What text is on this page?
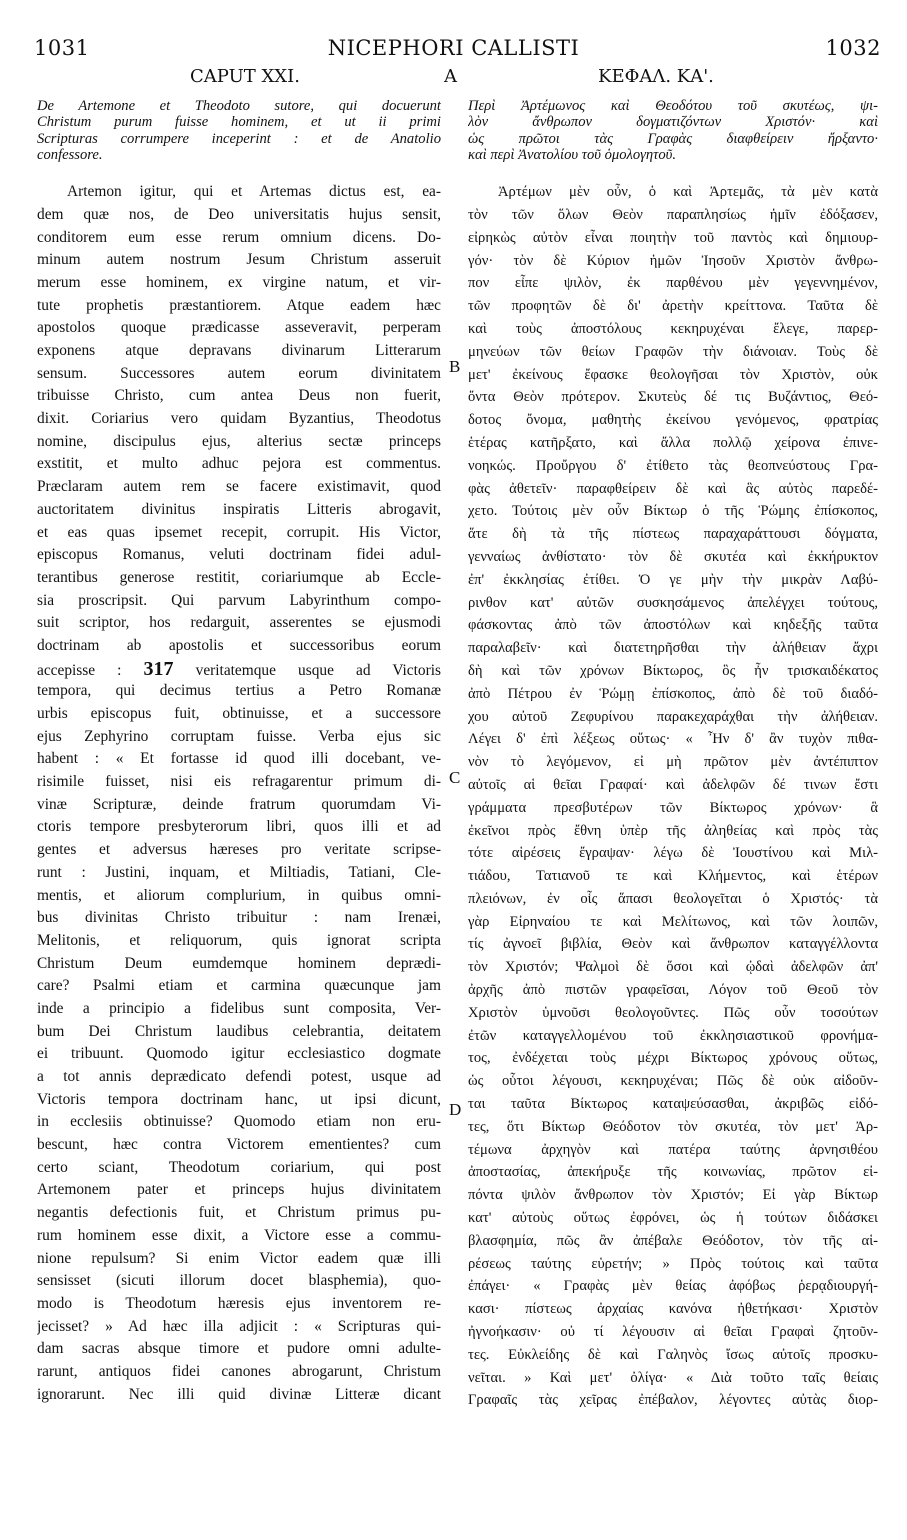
1031	NICEPHORI CALLISTI	1032
CAPUT XXI.	A	ΚΕΦΑΛ. ΚΑ'.
B
C
D
De Artemone et Theodoto sutore, qui docuerunt
Christum purum fuisse hominem, et ut ii primi
Scripturas corrumpere inceperint : et de Anatolio
confessore.
Artemon igitur, qui et Artemas dictus est, ea-
dem quæ nos, de Deo universitatis hujus sensit,
conditorem eum esse rerum omnium dicens. Do-
minum autem nostrum Jesum Christum asseruit
merum esse hominem, ex virgine natum, et vir-
tute prophetis præstantiorem. Atque eadem hæc
apostolos quoque prædicasse asseveravit, perperam
exponens atque depravans divinarum Litterarum
sensum. Successores autem eorum divinitatem
tribuisse Christo, cum antea Deus non fuerit,
dixit. Coriarius vero quidam Byzantius, Theodotus
nomine, discipulus ejus, alterius sectæ princeps
exstitit, et multo adhuc pejora est commentus.
Præclaram autem rem se facere existimavit, quod
auctoritatem divinitus inspiratis Litteris abrogavit,
et eas quas ipsemet recepit, corrupit. His Victor,
episcopus Romanus, veluti doctrinam fidei adul-
terantibus generose restitit, coriariumque ab Eccle-
sia proscripsit. Qui parvum Labyrinthum compo-
suit scriptor, hos redarguit, asserentes se ejusmodi
doctrinam ab apostolis et successoribus eorum
accepisse : 317 veritatemque usque ad Victoris
tempora, qui decimus tertius a Petro Romanæ
urbis episcopus fuit, obtinuisse, et a successore
ejus Zephyrino corruptam fuisse. Verba ejus sic
habent : « Et fortasse id quod illi docebant, ve-
risimile fuisset, nisi eis refragarentur primum di-
vinæ Scripturæ, deinde fratrum quorumdam Vi-
ctoris tempore presbyterorum libri, quos illi et ad
gentes et adversus hæreses pro veritate scripse-
runt : Justini, inquam, et Miltiadis, Tatiani, Cle-
mentis, et aliorum complurium, in quibus omni-
bus divinitas Christo tribuitur : nam Irenæi,
Melitonis, et reliquorum, quis ignorat scripta
Christum Deum eumdemque hominem deprædi-
care? Psalmi etiam et carmina quæcunque jam
inde a principio a fidelibus sunt composita, Ver-
bum Dei Christum laudibus celebrantia, deitatem
ei tribuunt. Quomodo igitur ecclesiastico dogmate
a tot annis deprædicato defendi potest, usque ad
Victoris tempora doctrinam hanc, ut ipsi dicunt,
in ecclesiis obtinuisse? Quomodo etiam non eru-
bescunt, hæc contra Victorem ementientes? cum
certo sciant, Theodotum coriarium, qui post
Artemonem pater et princeps hujus divinitatem
negantis defectionis fuit, et Christum primus pu-
rum hominem esse dixit, a Victore esse a commu-
nione repulsum? Si enim Victor eadem quæ illi
sensisset (sicuti illorum docet blasphemia), quo-
modo is Theodotum hæresis ejus inventorem re-
jecisset? » Ad hæc illa adjicit : « Scripturas qui-
dam sacras absque timore et pudore omni adulte-
rarunt, antiquos fidei canones abrogarunt, Christum
ignorarunt. Nec illi quid divinæ Litteræ dicant
Περὶ Ἀρτέμωνος καὶ Θεοδότου τοῦ σκυτέως, ψι-
λὸν ἄνθρωπον δογματιζόντων Χριστόν· καὶ
ὡς πρῶτοι τὰς Γραφὰς διαφθείρειν ἤρξαντο·
καὶ περὶ Ἀνατολίου τοῦ ὁμολογητοῦ.
Ἀρτέμων μὲν οὖν, ὁ καὶ Ἀρτεμᾶς, τὰ μὲν κατὰ
τὸν τῶν ὅλων Θεὸν παραπλησίως ἡμῖν ἐδόξασεν,
εἰρηκὼς αὐτὸν εἶναι ποιητὴν τοῦ παντὸς καὶ δημιουρ-
γόν· τὸν δὲ Κύριον ἡμῶν Ἰησοῦν Χριστὸν ἄνθρω-
πον εἶπε ψιλὸν, ἐκ παρθένου μὲν γεγεννημένον,
τῶν προφητῶν δὲ δι' ἀρετὴν κρείττονα. Ταῦτα δὲ
καὶ τοὺς ἀποστόλους κεκηρυχέναι ἔλεγε, παρερ-
μηνεύων τῶν θείων Γραφῶν τὴν διάνοιαν. Τοὺς δὲ
μετ' ἐκείνους ἔφασκε θεολογῆσαι τὸν Χριστὸν, οὐκ
ὄντα Θεὸν πρότερον. Σκυτεὺς δέ τις Βυζάντιος, Θεό-
δοτος ὄνομα, μαθητὴς ἐκείνου γενόμενος, φρατρίας
ἑτέρας κατῆρξατο, καὶ ἄλλα πολλῷ χείρονα ἐπινε-
νοηκώς. Προὔργου δ' ἐτίθετο τὰς θεοπνεύστους Γρα-
φὰς ἀθετεῖν· παραφθείρειν δὲ καὶ ἃς αὐτὸς παρεδέ-
χετο. Τούτοις μὲν οὖν Βίκτωρ ὁ τῆς Ῥώμης ἐπίσκοπος,
ἅτε δὴ τὰ τῆς πίστεως παραχαράττουσι δόγματα,
γενναίως ἀνθίστατο· τὸν δὲ σκυτέα καὶ ἐκκήρυκτον
ἐπ' ἐκκλησίας ἐτίθει. Ὁ γε μὴν τὴν μικρὰν Λαβύ-
ρινθον κατ' αὐτῶν συσκησάμενος ἀπελέγχει τούτους,
φάσκοντας ἀπὸ τῶν ἀποστόλων καὶ κηδεξῆς ταῦτα
παραλαβεῖν· καὶ διατετηρῆσθαι τὴν ἀλήθειαν ἄχρι
δὴ καὶ τῶν χρόνων Βίκτωρος, ὃς ἦν τρισκαιδέκατος
ἀπὸ Πέτρου ἐν Ῥώμῃ ἐπίσκοπος, ἀπὸ δὲ τοῦ διαδό-
χου αὐτοῦ Ζεφυρίνου παρακεχαράχθαι τὴν ἀλήθειαν.
Λέγει δ' ἐπὶ λέξεως οὕτως· « Ἦν δ' ἂν τυχὸν πιθα-
νὸν τὸ λεγόμενον, εἰ μὴ πρῶτον μὲν ἀντέπιπτον
αὐτοῖς αἱ θεῖαι Γραφαί· καὶ ἀδελφῶν δέ τινων ἔστι
γράμματα πρεσβυτέρων τῶν Βίκτωρος χρόνων· ἃ
ἐκεῖνοι πρὸς ἔθνη ὑπὲρ τῆς ἀληθείας καὶ πρὸς τὰς
τότε αἱρέσεις ἔγραψαν· λέγω δὲ Ἰουστίνου καὶ Μιλ-
τιάδου, Τατιανοῦ τε καὶ Κλήμεντος, καὶ ἑτέρων
πλειόνων, ἐν οἷς ἅπασι θεολογεῖται ὁ Χριστός· τὰ
γὰρ Εἰρηναίου τε καὶ Μελίτωνος, καὶ τῶν λοιπῶν,
τίς ἀγνοεῖ βιβλία, Θεὸν καὶ ἄνθρωπον καταγγέλλοντα
τὸν Χριστόν; Ψαλμοὶ δὲ ὅσοι καὶ ᾠδαὶ ἀδελφῶν ἀπ'
ἀρχῆς ἀπὸ πιστῶν γραφεῖσαι, Λόγον τοῦ Θεοῦ τὸν
Χριστὸν ὑμνοῦσι θεολογοῦντες. Πῶς οὖν τοσούτων
ἐτῶν καταγγελλομένου τοῦ ἐκκλησιαστικοῦ φρονήμα-
τος, ἐνδέχεται τοὺς μέχρι Βίκτωρος χρόνους οὕτως,
ὡς οὗτοι λέγουσι, κεκηρυχέναι; Πῶς δὲ οὐκ αἰδοῦν-
ται ταῦτα Βίκτωρος καταψεύσασθαι, ἀκριβῶς εἰδό-
τες, ὅτι Βίκτωρ Θεόδοτον τὸν σκυτέα, τὸν μετ' Ἀρ-
τέμωνα ἀρχηγὸν καὶ πατέρα ταύτης ἀρνησιθέου
ἀποστασίας, ἀπεκήρυξε τῆς κοινωνίας, πρῶτον εἰ-
πόντα ψιλὸν ἄνθρωπον τὸν Χριστόν; Εἰ γὰρ Βίκτωρ
κατ' αὐτοὺς οὕτως ἐφρόνει, ὡς ἡ τούτων διδάσκει
βλασφημία, πῶς ἂν ἀπέβαλε Θεόδοτον, τὸν τῆς αἱ-
ρέσεως ταύτης εὑρετήν; » Πρὸς τούτοις καὶ ταῦτα
ἐπάγει· « Γραφὰς μὲν θείας ἀφόβως ῥερᾳδιουργή-
κασι· πίστεως ἀρχαίας κανόνα ἠθετήκασι· Χριστὸν
ἠγνοήκασιν· οὐ τί λέγουσιν αἱ θεῖαι Γραφαὶ ζητοῦν-
τες. Εὐκλείδης δὲ καὶ Γαληνὸς ἴσως αὐτοῖς προσκυ-
νεῖται. » Καὶ μετ' ὀλίγα· « Διὰ τοῦτο ταῖς θείαις
Γραφαῖς τὰς χεῖρας ἐπέβαλον, λέγοντες αὐτὰς διορ-
